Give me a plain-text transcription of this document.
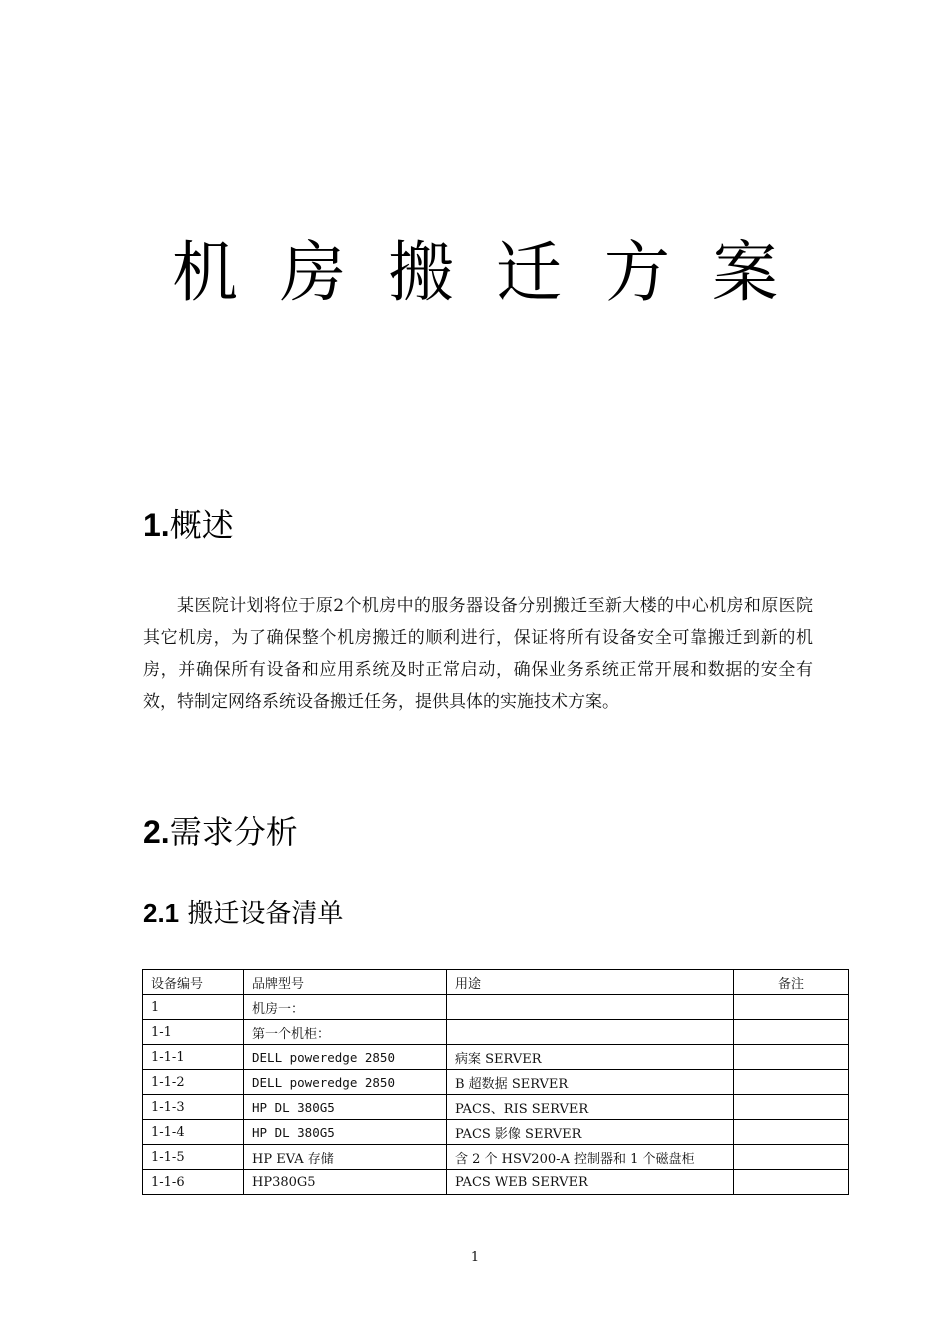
机房搬迁方案
1.概述
某医院计划将位于原2个机房中的服务器设备分别搬迁至新大楼的中心机房和原医院其它机房，为了确保整个机房搬迁的顺利进行，保证将所有设备安全可靠搬迁到新的机房，并确保所有设备和应用系统及时正常启动，确保业务系统正常开展和数据的安全有效，特制定网络系统设备搬迁任务，提供具体的实施技术方案。
2.需求分析
2.1 搬迁设备清单
设备编号	品牌型号	用途	备注
1	机房一：		
1-1	第一个机柜：		
1-1-1	DELL poweredge 2850	病案 SERVER	
1-1-2	DELL poweredge 2850	B 超数据 SERVER	
1-1-3	HP DL 380G5	PACS、RIS SERVER	
1-1-4	HP DL 380G5	PACS 影像 SERVER	
1-1-5	HP EVA 存储	含 2 个 HSV200-A 控制器和 1 个磁盘柜	
1-1-6	HP380G5	PACS WEB SERVER	
1
